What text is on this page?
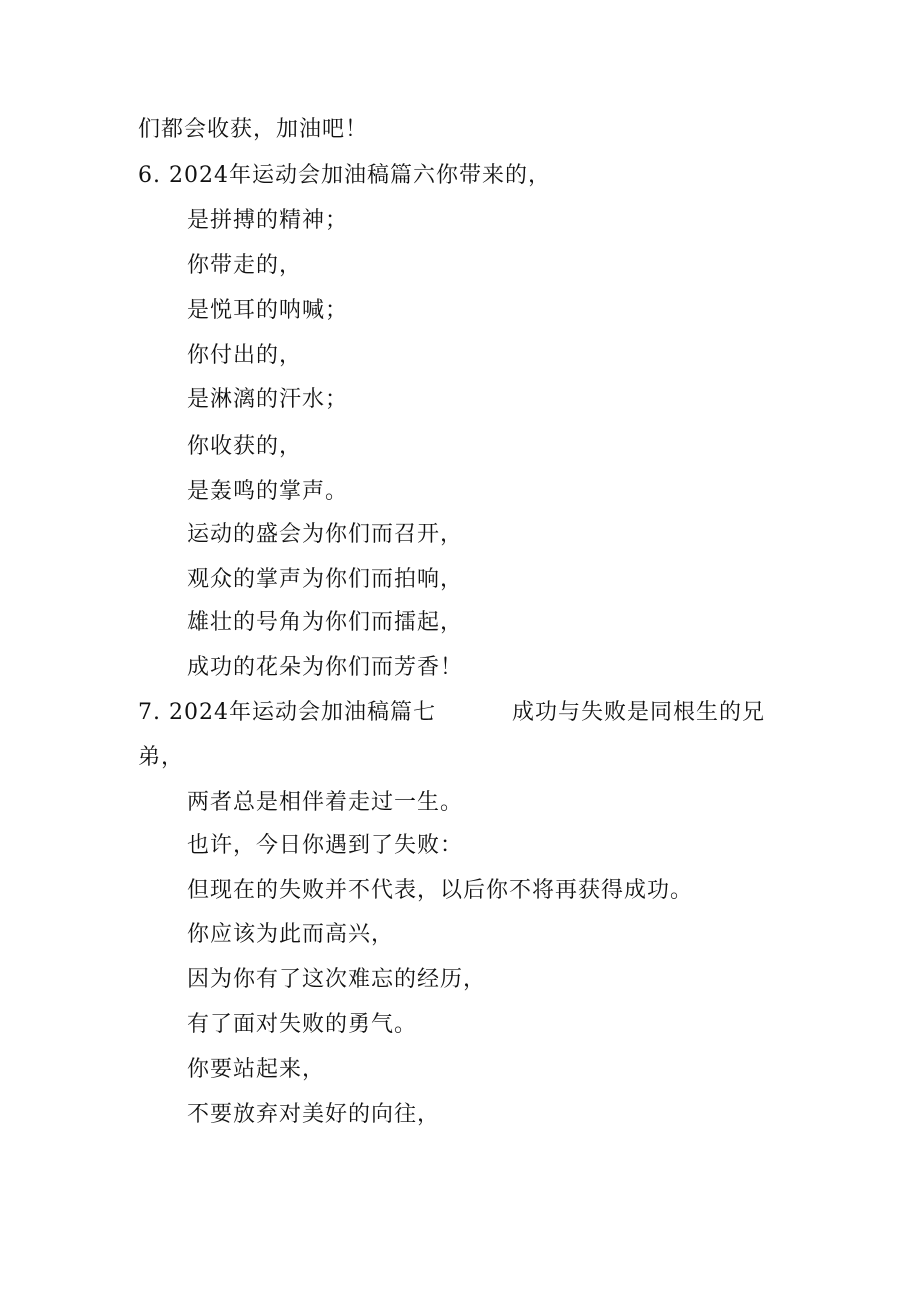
们都会收获，加油吧！
6. 2024年运动会加油稿篇六你带来的，
是拼搏的精神；
你带走的，
是悦耳的呐喊；
你付出的，
是淋漓的汗水；
你收获的，
是轰鸣的掌声。
运动的盛会为你们而召开，
观众的掌声为你们而拍响，
雄壮的号角为你们而擂起，
成功的花朵为你们而芳香！
7. 2024年运动会加油稿篇七	成功与失败是同根生的兄
弟，
两者总是相伴着走过一生。
也许，今日你遇到了失败：
但现在的失败并不代表，以后你不将再获得成功。
你应该为此而高兴，
因为你有了这次难忘的经历，
有了面对失败的勇气。
你要站起来，
不要放弃对美好的向往，
